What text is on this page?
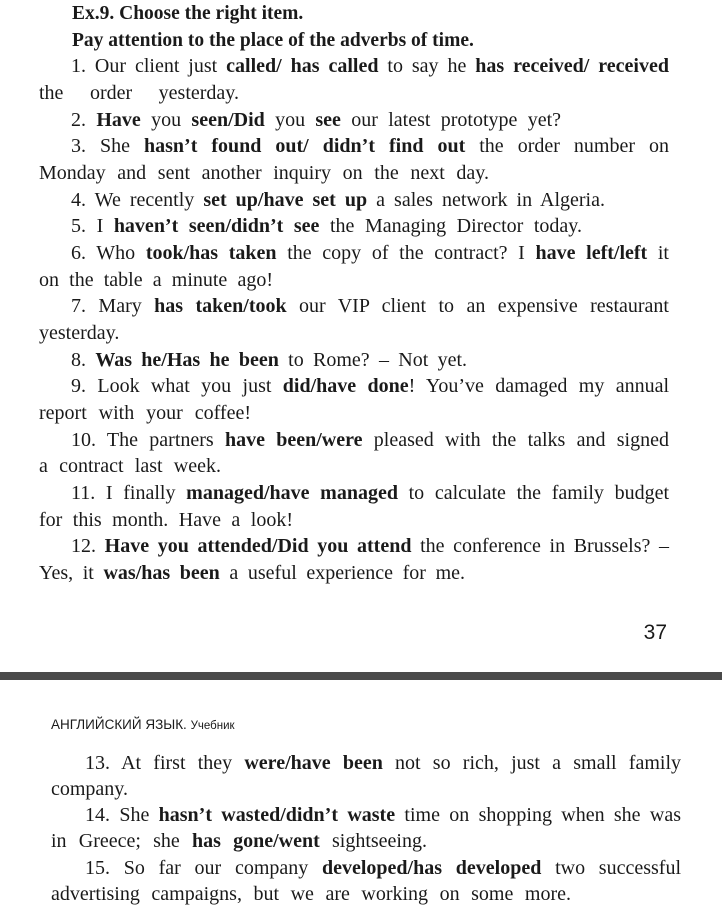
Ex.9. Choose the right item.
Pay attention to the place of the adverbs of time.
1. Our client just called/ has called to say he has received/ received
the order yesterday.
2. Have you seen/Did you see our latest prototype yet?
3. She hasn’t found out/ didn’t find out the order number on
Monday and sent another inquiry on the next day.
4. We recently set up/have set up a sales network in Algeria.
5. I haven’t seen/didn’t see the Managing Director today.
6. Who took/has taken the copy of the contract? I have left/left it
on the table a minute ago!
7. Mary has taken/took our VIP client to an expensive restaurant
yesterday.
8. Was he/Has he been to Rome? – Not yet.
9. Look what you just did/have done! You’ve damaged my annual
report with your coffee!
10. The partners have been/were pleased with the talks and signed
a contract last week.
11. I finally managed/have managed to calculate the family budget
for this month. Have a look!
12. Have you attended/Did you attend the conference in Brussels? –
Yes, it was/has been a useful experience for me.
37
АНГЛИЙСКИЙ ЯЗЫК. Учебник
13. At first they were/have been not so rich, just a small family
company.
14. She hasn’t wasted/didn’t waste time on shopping when she was
in Greece; she has gone/went sightseeing.
15. So far our company developed/has developed two successful
advertising campaigns, but we are working on some more.
